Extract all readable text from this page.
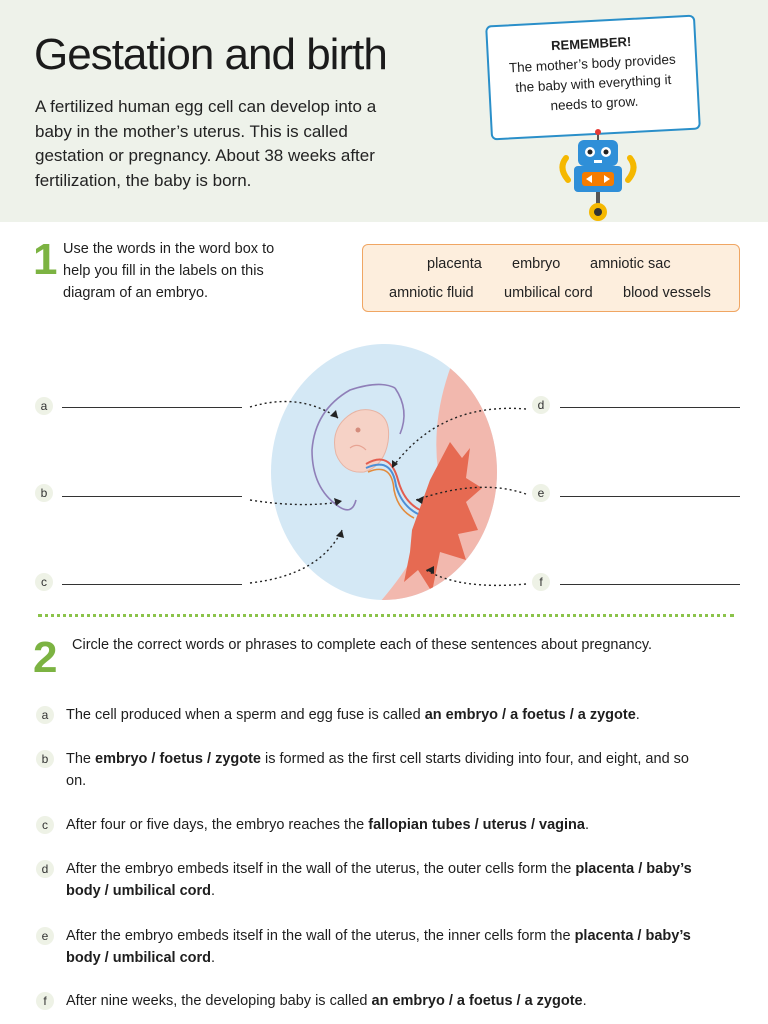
Gestation and birth

A fertilized human egg cell can develop into a baby in the mother’s uterus. This is called gestation or pregnancy. About 38 weeks after fertilization, the baby is born.

REMEMBER!
The mother’s body provides the baby with everything it needs to grow.
1 Use the words in the word box to help you fill in the labels on this diagram of an embryo.

placenta embryo amniotic sac
amniotic fluid umbilical cord blood vessels
a
b
c
d
e
f
2 Circle the correct words or phrases to complete each of these sentences about pregnancy.

a	The cell produced when a sperm and egg fuse is called an embryo / a foetus / a zygote.

b	The embryo / foetus / zygote is formed as the first cell starts dividing into four, and eight, and so on.

c	After four or five days, the embryo reaches the fallopian tubes / uterus / vagina.

d	After the embryo embeds itself in the wall of the uterus, the outer cells form the placenta / baby’s body / umbilical cord.

e	After the embryo embeds itself in the wall of the uterus, the inner cells form the placenta / baby’s body / umbilical cord.

f	After nine weeks, the developing baby is called an embryo / a foetus / a zygote.
